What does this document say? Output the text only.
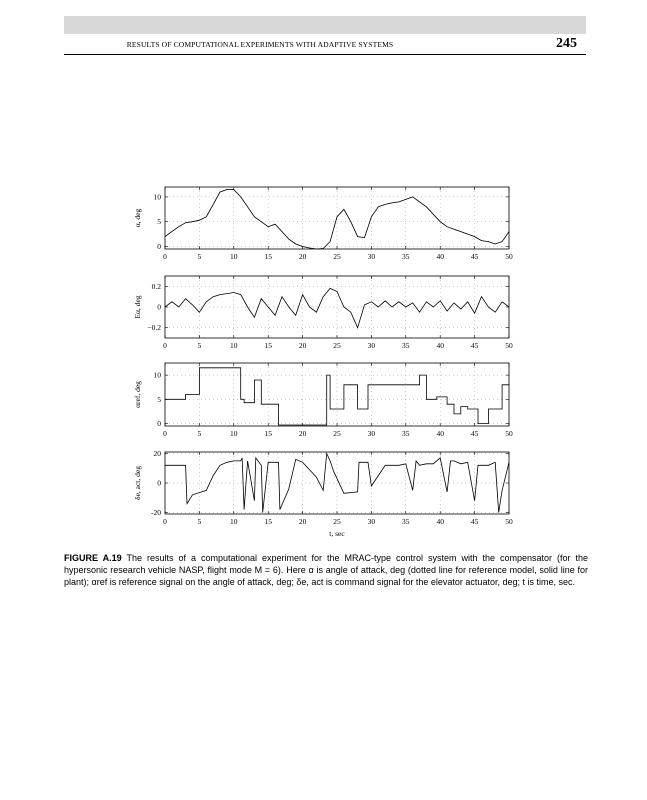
RESULTS OF COMPUTATIONAL EXPERIMENTS WITH ADAPTIVE SYSTEMS	245
0	5	10	15	20	25	30	35	40	45	50
0
5
10
α, deg
0	5	10	15	20	25	30	35	40	45	50
−0.2
0
0.2
Eα, deg
0	5	10	15	20	25	30	35	40	45	50
0
5
10
αref, deg
0	5	10	15	20	25	30	35	40	45	50
-20
0
20
δe, act, deg
t, sec
FIGURE A.19 The results of a computational experiment for the MRAC-type control system with the compensator (for the hypersonic research vehicle NASP, flight mode M = 6). Here α is angle of attack, deg (dotted line for reference model, solid line for plant); αref is reference signal on the angle of attack, deg; δe, act is command signal for the elevator actuator, deg; t is time, sec.
